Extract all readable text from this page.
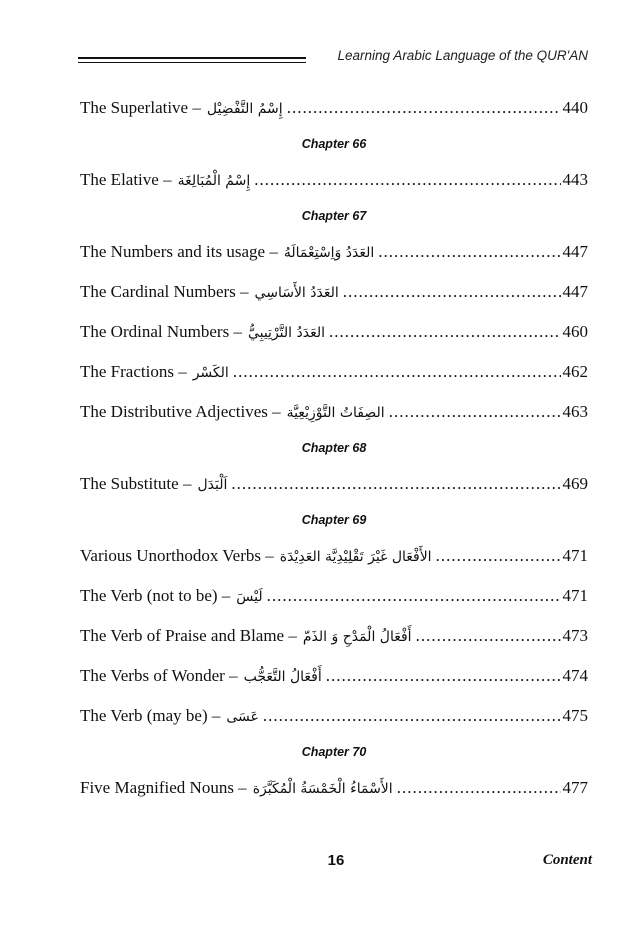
Learning Arabic Language of the QUR'AN
The Superlative – إِسْمُ التَّفْضِيْل .....	440
Chapter 66
The Elative – إِسْمُ الْمُبَالِغَة .....	443
Chapter 67
The Numbers and its usage – العَدَدُ وَاِسْتِعْمَالَهُ .....	447
The Cardinal Numbers – العَدَدُ الأَسَاسِي .....	447
The Ordinal Numbers – العَدَدُ التَّرْتِيبِيُّ .....	460
The Fractions – الكَسْر .....	462
The Distributive Adjectives – الصِفَاتُ التَّوْزِيْعِيَّة .....	463
Chapter 68
The Substitute – اَلْبَدَل .....	469
Chapter 69
Various Unorthodox Verbs – الأَفْعَال غَيْرَ تَقْلِيْدِيَّة العَدِيْدَة .....	471
The Verb (not to be) – لَيْسَ .....	471
The Verb of Praise and Blame – أَفْعَالُ الْمَدْحِ وَ الذَمّ .....	473
The Verbs of Wonder – أَفْعَالُ التَّعَجُّب .....	474
The Verb (may be) – عَسَى .....	475
Chapter 70
Five Magnified Nouns – الأَسْمَاءُ الْخَمْسَةُ الْمُكَبَّرَة .....	477
16	Content
